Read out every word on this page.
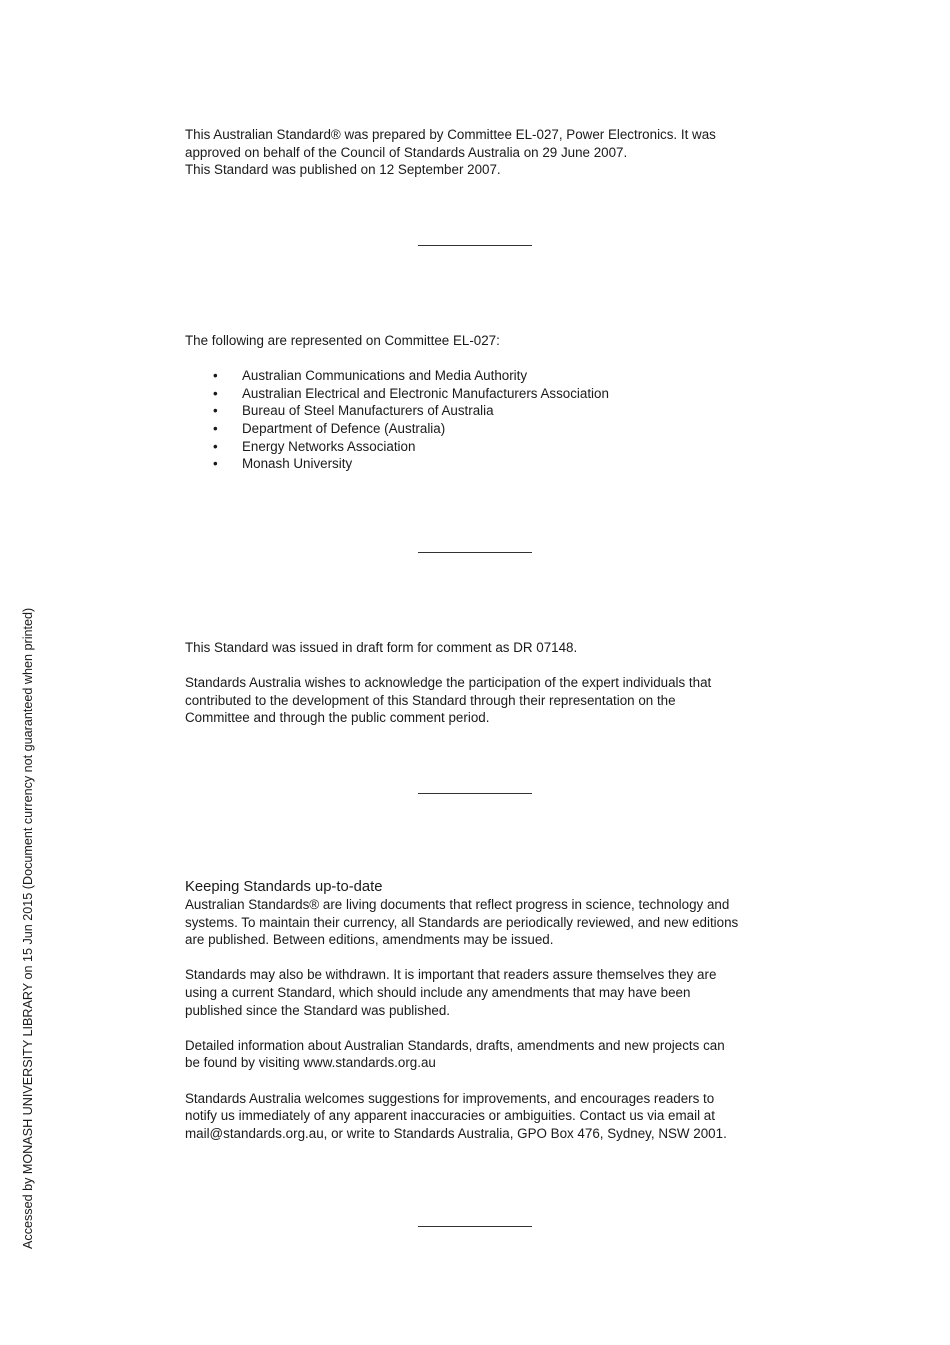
This Australian Standard® was prepared by Committee EL-027, Power Electronics. It was

approved on behalf of the Council of Standards Australia on 29 June 2007.

This Standard was published on 12 September 2007.

The following are represented on Committee EL-027:

• Australian Communications and Media Authority
• Australian Electrical and Electronic Manufacturers Association
• Bureau of Steel Manufacturers of Australia
• Department of Defence (Australia)
• Energy Networks Association
• Monash University

This Standard was issued in draft form for comment as DR 07148.

Standards Australia wishes to acknowledge the participation of the expert individuals that

contributed to the development of this Standard through their representation on the

Committee and through the public comment period.

Keeping Standards up-to-date

Australian Standards® are living documents that reflect progress in science, technology and

systems. To maintain their currency, all Standards are periodically reviewed, and new editions

are published. Between editions, amendments may be issued.

Standards may also be withdrawn. It is important that readers assure themselves they are

using a current Standard, which should include any amendments that may have been

published since the Standard was published.

Detailed information about Australian Standards, drafts, amendments and new projects can

be found by visiting www.standards.org.au

Standards Australia welcomes suggestions for improvements, and encourages readers to

notify us immediately of any apparent inaccuracies or ambiguities. Contact us via email at

mail@standards.org.au, or write to Standards Australia, GPO Box 476, Sydney, NSW 2001.

Accessed by MONASH UNIVERSITY LIBRARY on 15 Jun 2015 (Document currency not guaranteed when printed)
